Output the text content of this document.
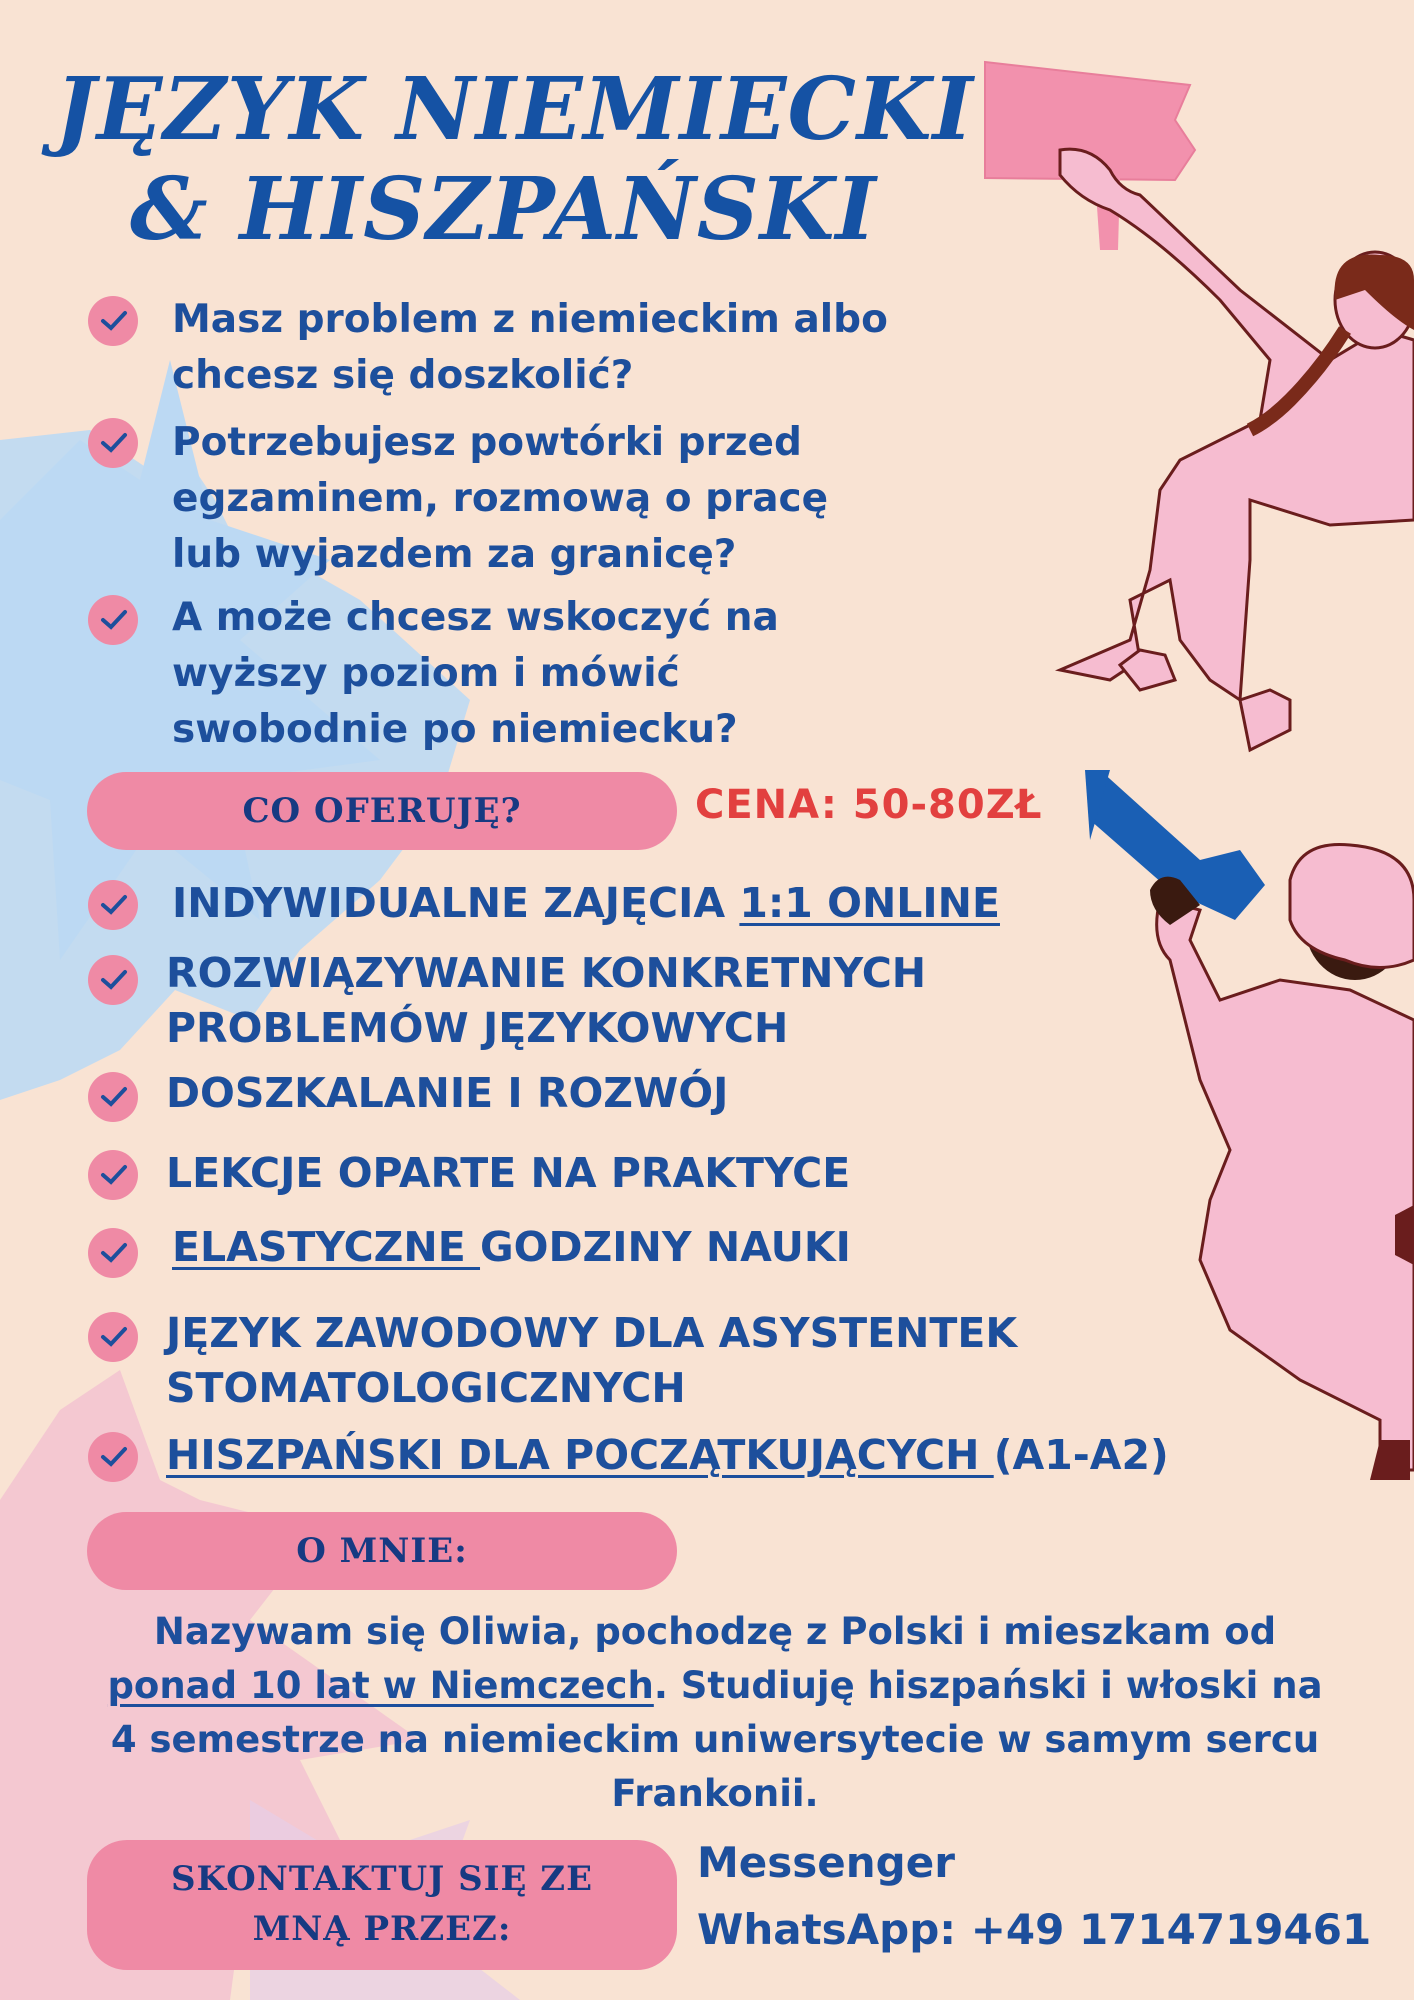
JĘZYK NIEMIECKI
& HISZPAŃSKI

Masz problem z niemieckim albo
chcesz się doszkolić?

Potrzebujesz powtórki przed
egzaminem, rozmową o pracę
lub wyjazdem za granicę?

A może chcesz wskoczyć na
wyższy poziom i mówić
swobodnie po niemiecku?

CO OFERUJĘ?	CENA: 50-80ZŁ

INDYWIDUALNE ZAJĘCIA 1:1 ONLINE

ROZWIĄZYWANIE KONKRETNYCH
PROBLEMÓW JĘZYKOWYCH

DOSZKALANIE I ROZWÓJ

LEKCJE OPARTE NA PRAKTYCE

ELASTYCZNE GODZINY NAUKI

JĘZYK ZAWODOWY DLA ASYSTENTEK
STOMATOLOGICZNYCH

HISZPAŃSKI DLA POCZĄTKUJĄCYCH (A1-A2)

O MNIE:

Nazywam się Oliwia, pochodzę z Polski i mieszkam od
ponad 10 lat w Niemczech. Studiuję hiszpański i włoski na
4 semestrze na niemieckim uniwersytecie w samym sercu
Frankonii.

SKONTAKTUJ SIĘ ZE
MNĄ PRZEZ:
Messenger
WhatsApp: +49 1714719461
